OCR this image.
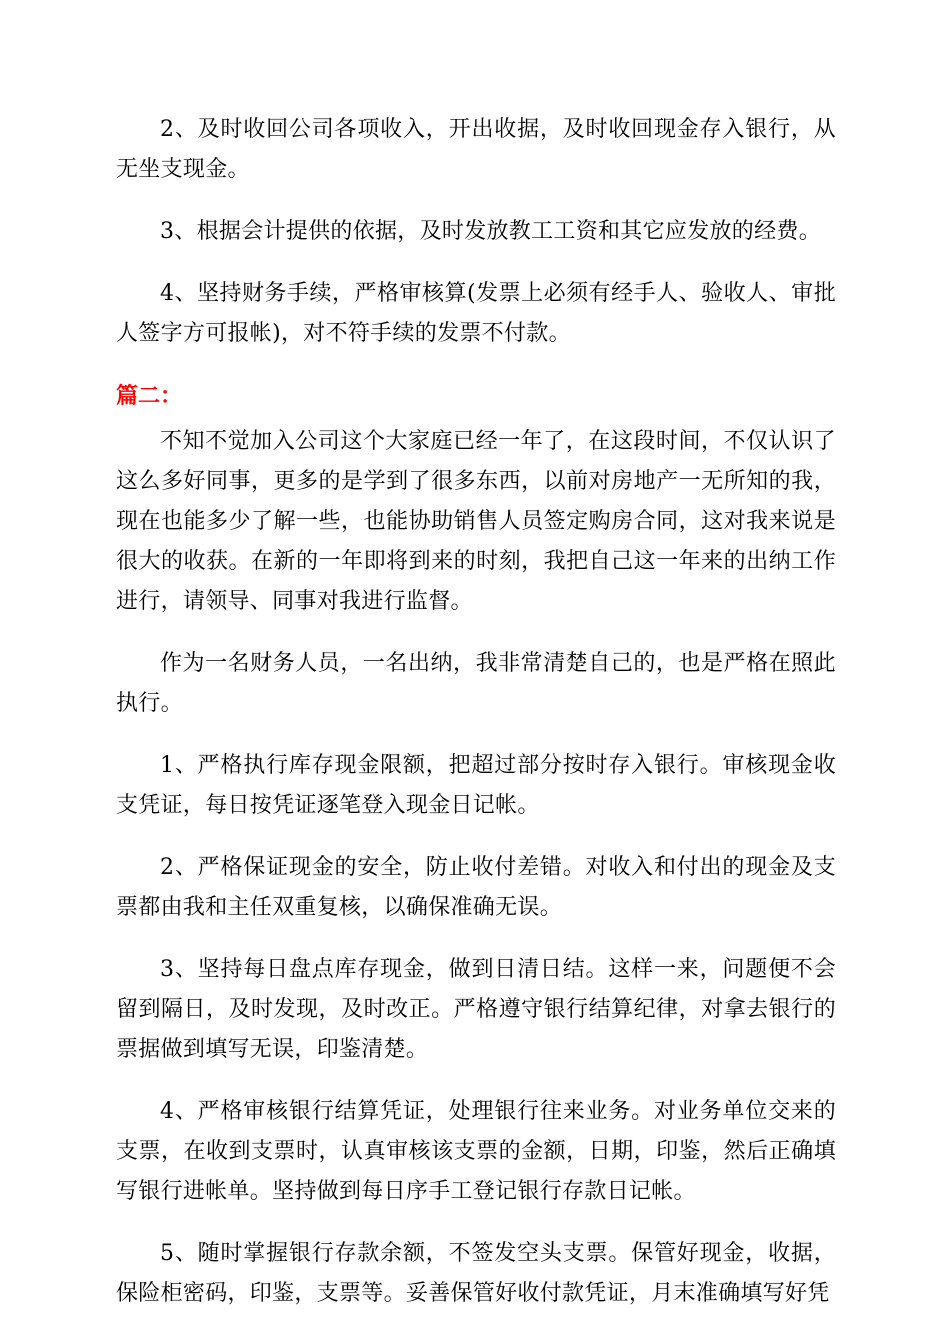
2、及时收回公司各项收入，开出收据，及时收回现金存入银行，从无坐支现金。

3、根据会计提供的依据，及时发放教工工资和其它应发放的经费。

4、坚持财务手续，严格审核算(发票上必须有经手人、验收人、审批人签字方可报帐)，对不符手续的发票不付款。

篇二：

不知不觉加入公司这个大家庭已经一年了，在这段时间，不仅认识了这么多好同事，更多的是学到了很多东西，以前对房地产一无所知的我，现在也能多少了解一些，也能协助销售人员签定购房合同，这对我来说是很大的收获。在新的一年即将到来的时刻，我把自己这一年来的出纳工作进行，请领导、同事对我进行监督。

作为一名财务人员，一名出纳，我非常清楚自己的，也是严格在照此执行。

1、严格执行库存现金限额，把超过部分按时存入银行。审核现金收支凭证，每日按凭证逐笔登入现金日记帐。

2、严格保证现金的安全，防止收付差错。对收入和付出的现金及支票都由我和主任双重复核，以确保准确无误。

3、坚持每日盘点库存现金，做到日清日结。这样一来，问题便不会留到隔日，及时发现，及时改正。严格遵守银行结算纪律，对拿去银行的票据做到填写无误，印鉴清楚。

4、严格审核银行结算凭证，处理银行往来业务。对业务单位交来的支票，在收到支票时，认真审核该支票的金额，日期，印鉴，然后正确填写银行进帐单。坚持做到每日序手工登记银行存款日记帐。

5、随时掌握银行存款余额，不签发空头支票。保管好现金，收据，保险柜密码，印鉴，支票等。妥善保管好收付款凭证，月末准确填写好凭
